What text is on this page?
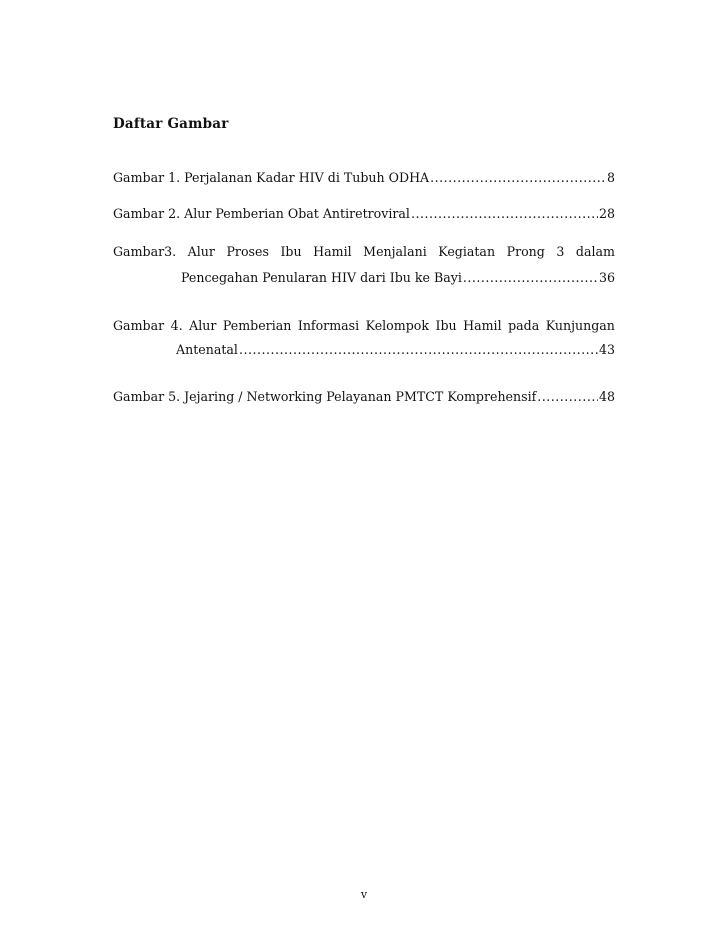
Daftar Gambar
Gambar 1. Perjalanan Kadar HIV di Tubuh ODHA .....	8
Gambar 2. Alur Pemberian Obat Antiretroviral .....	28
Gambar3. Alur Proses Ibu Hamil Menjalani Kegiatan Prong 3 dalam
Pencegahan Penularan HIV dari Ibu ke Bayi .....	36
Gambar 4. Alur Pemberian Informasi Kelompok Ibu Hamil pada Kunjungan
Antenatal .....	43
Gambar 5. Jejaring / Networking Pelayanan PMTCT Komprehensif .....	48
v
